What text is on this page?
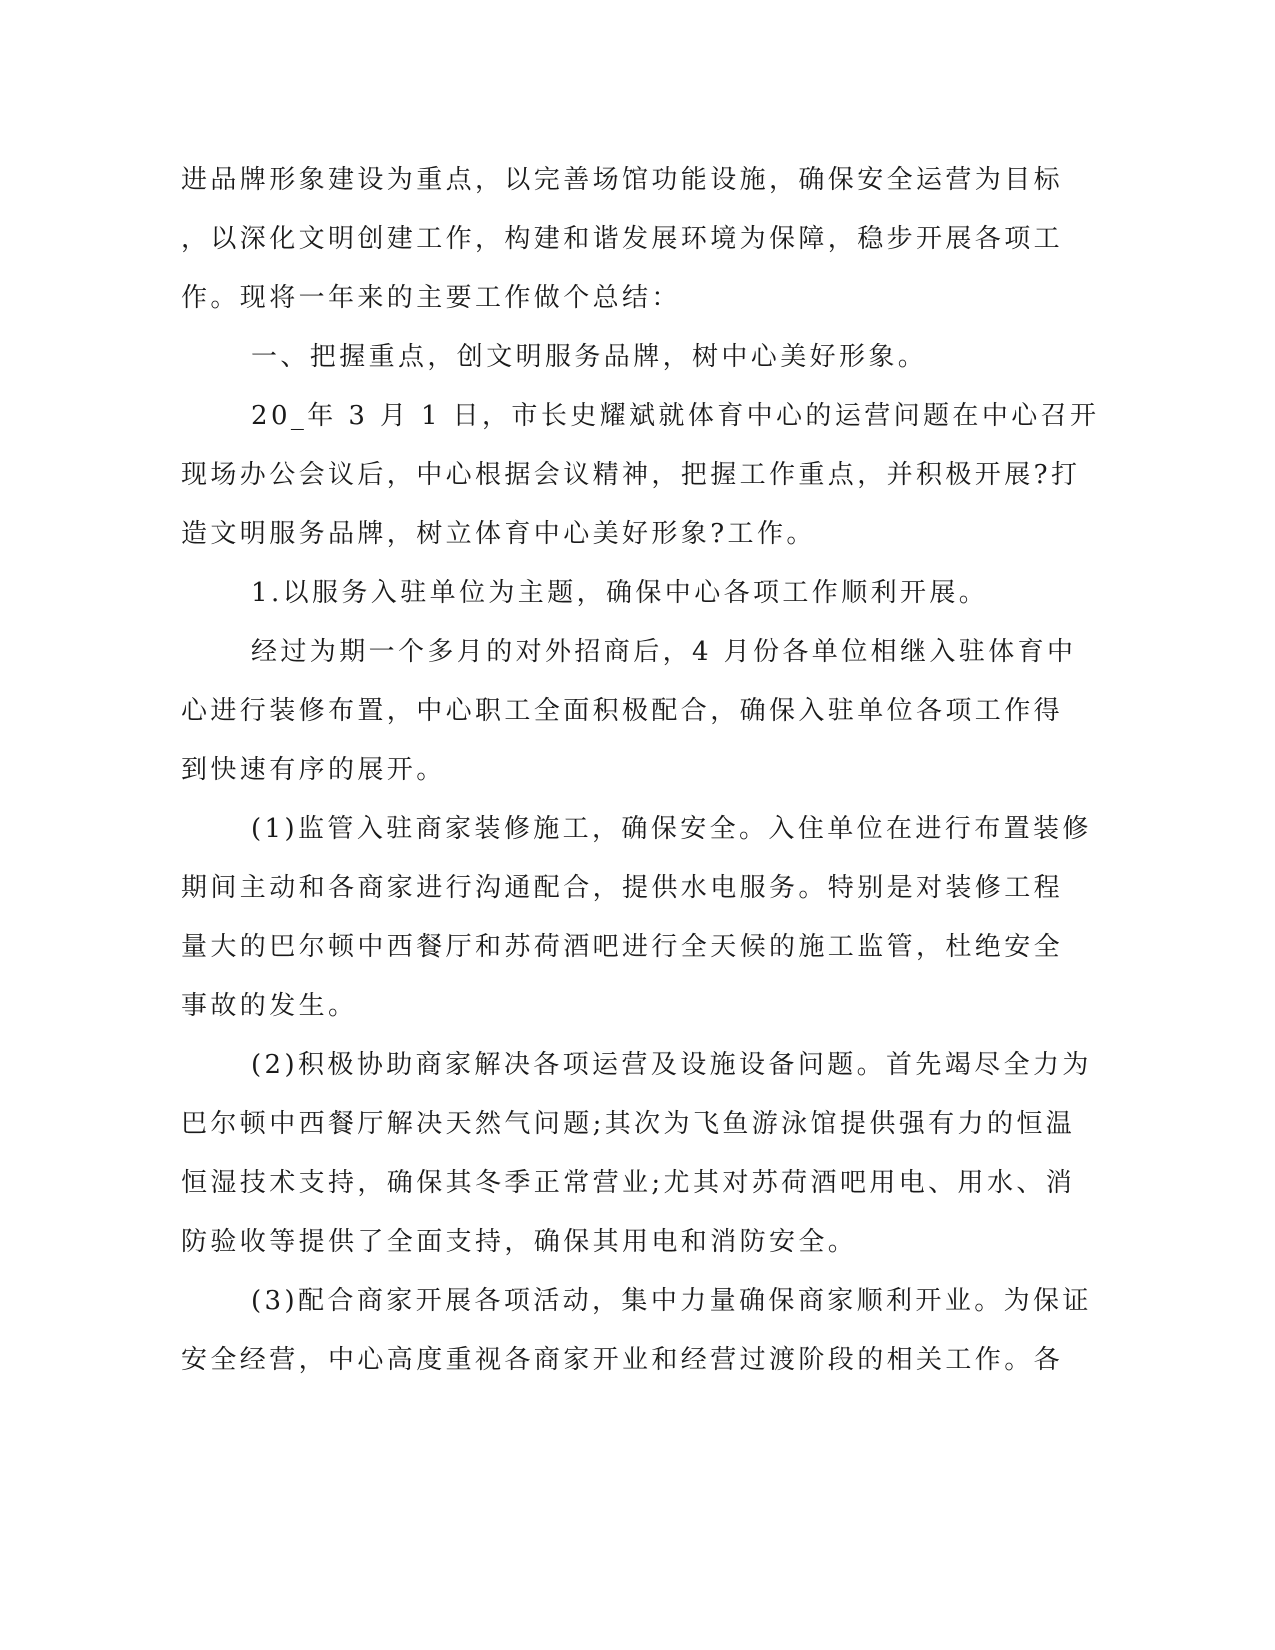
进品牌形象建设为重点，以完善场馆功能设施，确保安全运营为目标

，以深化文明创建工作，构建和谐发展环境为保障，稳步开展各项工

作。现将一年来的主要工作做个总结：

一、把握重点，创文明服务品牌，树中心美好形象。

20_年 3 月 1 日，市长史耀斌就体育中心的运营问题在中心召开

现场办公会议后，中心根据会议精神，把握工作重点，并积极开展?打

造文明服务品牌，树立体育中心美好形象?工作。

1.以服务入驻单位为主题，确保中心各项工作顺利开展。

经过为期一个多月的对外招商后，4 月份各单位相继入驻体育中

心进行装修布置，中心职工全面积极配合，确保入驻单位各项工作得

到快速有序的展开。

(1)监管入驻商家装修施工，确保安全。入住单位在进行布置装修

期间主动和各商家进行沟通配合，提供水电服务。特别是对装修工程

量大的巴尔顿中西餐厅和苏荷酒吧进行全天候的施工监管，杜绝安全

事故的发生。

(2)积极协助商家解决各项运营及设施设备问题。首先竭尽全力为

巴尔顿中西餐厅解决天然气问题;其次为飞鱼游泳馆提供强有力的恒温

恒湿技术支持，确保其冬季正常营业;尤其对苏荷酒吧用电、用水、消

防验收等提供了全面支持，确保其用电和消防安全。

(3)配合商家开展各项活动，集中力量确保商家顺利开业。为保证

安全经营，中心高度重视各商家开业和经营过渡阶段的相关工作。各
